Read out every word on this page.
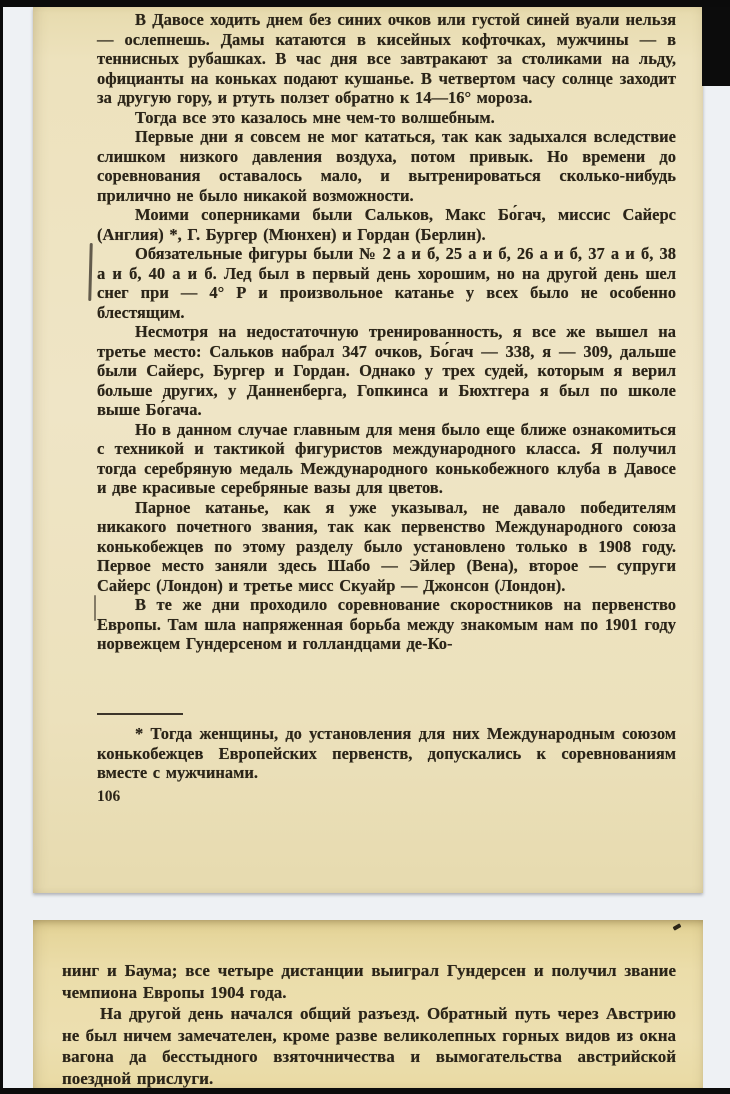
В Давосе ходить днем без синих очков или густой синей вуали нельзя — ослепнешь. Дамы катаются в кисейных кофточках, мужчины — в теннисных рубашках. В час дня все завтракают за столиками на льду, официанты на коньках подают кушанье. В четвертом часу солнце заходит за другую гору, и ртуть ползет обратно к 14—16° мороза.

Тогда все это казалось мне чем-то волшебным.

Первые дни я совсем не мог кататься, так как задыхался вследствие слишком низкого давления воздуха, потом привык. Но времени до соревнования оставалось мало, и вытренироваться сколько-нибудь прилично не было никакой возможности.

Моими соперниками были Сальков, Макс Бо́гач, миссис Сайерс (Англия) *, Г. Бургер (Мюнхен) и Гордан (Берлин).

Обязательные фигуры были № 2 а и б, 25 а и б, 26 а и б, 37 а и б, 38 а и б, 40 а и б. Лед был в первый день хорошим, но на другой день шел снег при — 4° Р и произвольное катанье у всех было не особенно блестящим.

Несмотря на недостаточную тренированность, я все же вышел на третье место: Сальков набрал 347 очков, Бо́гач — 338, я — 309, дальше были Сайерс, Бургер и Гордан. Однако у трех судей, которым я верил больше других, у Данненберга, Гопкинса и Бюхтгера я был по школе выше Бо́гача.

Но в данном случае главным для меня было еще ближе ознакомиться с техникой и тактикой фигуристов международного класса. Я получил тогда серебряную медаль Международного конькобежного клуба в Давосе и две красивые серебряные вазы для цветов.

Парное катанье, как я уже указывал, не давало победителям никакого почетного звания, так как первенство Международного союза конькобежцев по этому разделу было установлено только в 1908 году. Первое место заняли здесь Шабо — Эйлер (Вена), второе — супруги Сайерс (Лондон) и третье мисс Скуайр — Джонсон (Лондон).

В те же дни проходило соревнование скоростников на первенство Европы. Там шла напряженная борьба между знакомым нам по 1901 году норвежцем Гундерсеном и голландцами де-Ко-

* Тогда женщины, до установления для них Международным союзом конькобежцев Европейских первенств, допускались к соревнованиям вместе с мужчинами.

106

нинг и Баума; все четыре дистанции выиграл Гундерсен и получил звание чемпиона Европы 1904 года.

На другой день начался общий разъезд. Обратный путь через Австрию не был ничем замечателен, кроме разве великолепных горных видов из окна вагона да бесстыдного взяточничества и вымогательства австрийской поездной прислуги.
